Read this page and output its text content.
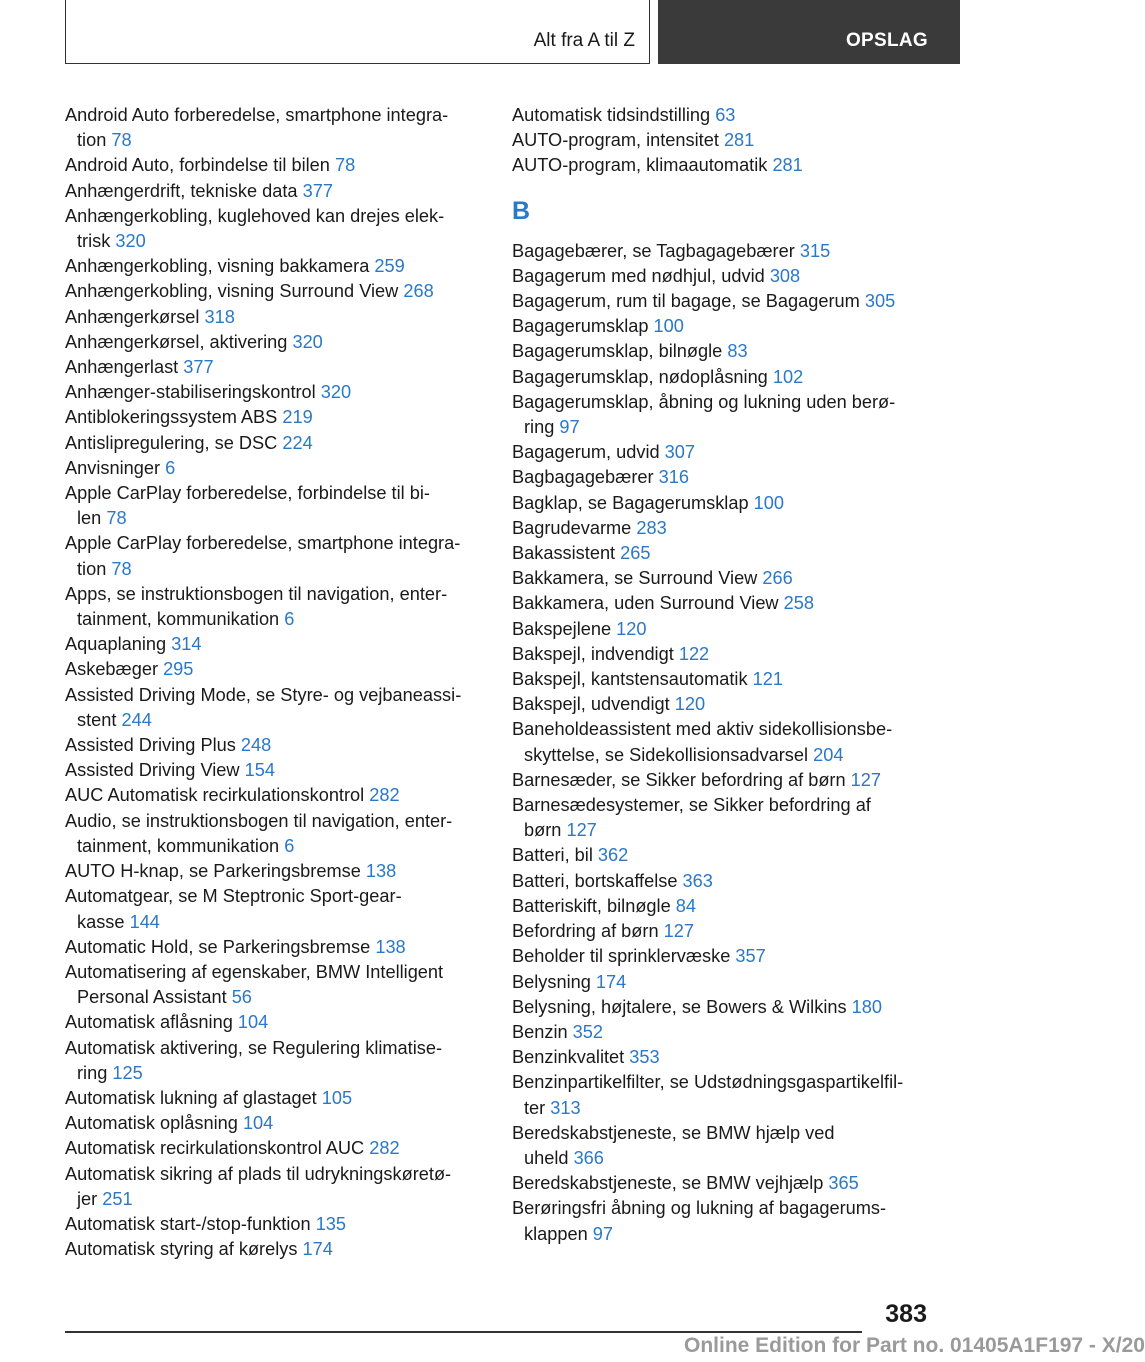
Alt fra A til Z	OPSLAG
Android Auto forberedelse, smartphone integra-
tion 78
Android Auto, forbindelse til bilen 78
Anhængerdrift, tekniske data 377
Anhængerkobling, kuglehoved kan drejes elek-
trisk 320
Anhængerkobling, visning bakkamera 259
Anhængerkobling, visning Surround View 268
Anhængerkørsel 318
Anhængerkørsel, aktivering 320
Anhængerlast 377
Anhænger-stabiliseringskontrol 320
Antiblokeringssystem ABS 219
Antislipregulering, se DSC 224
Anvisninger 6
Apple CarPlay forberedelse, forbindelse til bi-
len 78
Apple CarPlay forberedelse, smartphone integra-
tion 78
Apps, se instruktionsbogen til navigation, enter-
tainment, kommunikation 6
Aquaplaning 314
Askebæger 295
Assisted Driving Mode, se Styre- og vejbaneassi-
stent 244
Assisted Driving Plus 248
Assisted Driving View 154
AUC Automatisk recirkulationskontrol 282
Audio, se instruktionsbogen til navigation, enter-
tainment, kommunikation 6
AUTO H-knap, se Parkeringsbremse 138
Automatgear, se M Steptronic Sport-gear-
kasse 144
Automatic Hold, se Parkeringsbremse 138
Automatisering af egenskaber, BMW Intelligent
Personal Assistant 56
Automatisk aflåsning 104
Automatisk aktivering, se Regulering klimatise-
ring 125
Automatisk lukning af glastaget 105
Automatisk oplåsning 104
Automatisk recirkulationskontrol AUC 282
Automatisk sikring af plads til udrykningskøretø-
jer 251
Automatisk start-/stop-funktion 135
Automatisk styring af kørelys 174
Automatisk tidsindstilling 63
AUTO-program, intensitet 281
AUTO-program, klimaautomatik 281
B
Bagagebærer, se Tagbagagebærer 315
Bagagerum med nødhjul, udvid 308
Bagagerum, rum til bagage, se Bagagerum 305
Bagagerumsklap 100
Bagagerumsklap, bilnøgle 83
Bagagerumsklap, nødoplåsning 102
Bagagerumsklap, åbning og lukning uden berø-
ring 97
Bagagerum, udvid 307
Bagbagagebærer 316
Bagklap, se Bagagerumsklap 100
Bagrudevarme 283
Bakassistent 265
Bakkamera, se Surround View 266
Bakkamera, uden Surround View 258
Bakspejlene 120
Bakspejl, indvendigt 122
Bakspejl, kantstensautomatik 121
Bakspejl, udvendigt 120
Baneholdeassistent med aktiv sidekollisionsbe-
skyttelse, se Sidekollisionsadvarsel 204
Barnesæder, se Sikker befordring af børn 127
Barnesædesystemer, se Sikker befordring af
børn 127
Batteri, bil 362
Batteri, bortskaffelse 363
Batteriskift, bilnøgle 84
Befordring af børn 127
Beholder til sprinklervæske 357
Belysning 174
Belysning, højtalere, se Bowers & Wilkins 180
Benzin 352
Benzinkvalitet 353
Benzinpartikelfilter, se Udstødningsgaspartikelfil-
ter 313
Beredskabstjeneste, se BMW hjælp ved
uheld 366
Beredskabstjeneste, se BMW vejhjælp 365
Berøringsfri åbning og lukning af bagagerums-
klappen 97
383
Online Edition for Part no. 01405A1F197 - X/20
